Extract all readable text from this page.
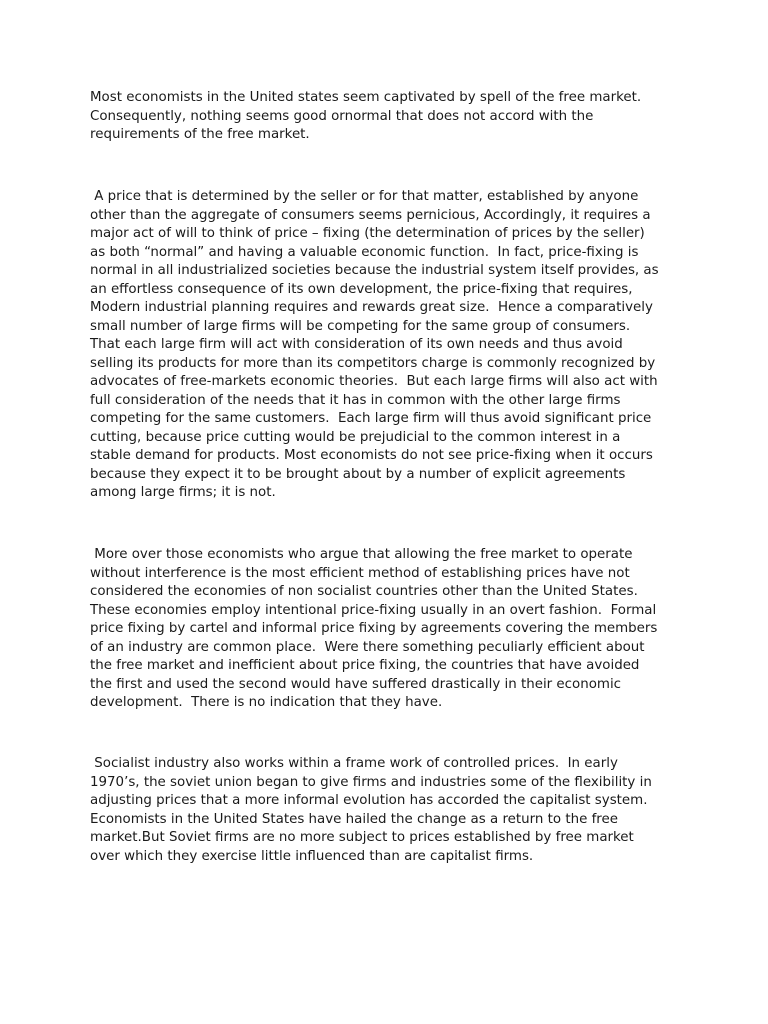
Most economists in the United states seem captivated by spell of the free market.
Consequently, nothing seems good ornormal that does not accord with the
requirements of the free market.

A price that is determined by the seller or for that matter, established by anyone
other than the aggregate of consumers seems pernicious, Accordingly, it requires a
major act of will to think of price – fixing (the determination of prices by the seller)
as both “normal” and having a valuable economic function.  In fact, price-fixing is
normal in all industrialized societies because the industrial system itself provides, as
an effortless consequence of its own development, the price-fixing that requires,
Modern industrial planning requires and rewards great size.  Hence a comparatively
small number of large firms will be competing for the same group of consumers.
That each large firm will act with consideration of its own needs and thus avoid
selling its products for more than its competitors charge is commonly recognized by
advocates of free-markets economic theories.  But each large firms will also act with
full consideration of the needs that it has in common with the other large firms
competing for the same customers.  Each large firm will thus avoid significant price
cutting, because price cutting would be prejudicial to the common interest in a
stable demand for products. Most economists do not see price-fixing when it occurs
because they expect it to be brought about by a number of explicit agreements
among large firms; it is not.

More over those economists who argue that allowing the free market to operate
without interference is the most efficient method of establishing prices have not
considered the economies of non socialist countries other than the United States.
These economies employ intentional price-fixing usually in an overt fashion.  Formal
price fixing by cartel and informal price fixing by agreements covering the members
of an industry are common place.  Were there something peculiarly efficient about
the free market and inefficient about price fixing, the countries that have avoided
the first and used the second would have suffered drastically in their economic
development.  There is no indication that they have.

Socialist industry also works within a frame work of controlled prices.  In early
1970’s, the soviet union began to give firms and industries some of the flexibility in
adjusting prices that a more informal evolution has accorded the capitalist system.
Economists in the United States have hailed the change as a return to the free
market.But Soviet firms are no more subject to prices established by free market
over which they exercise little influenced than are capitalist firms.
